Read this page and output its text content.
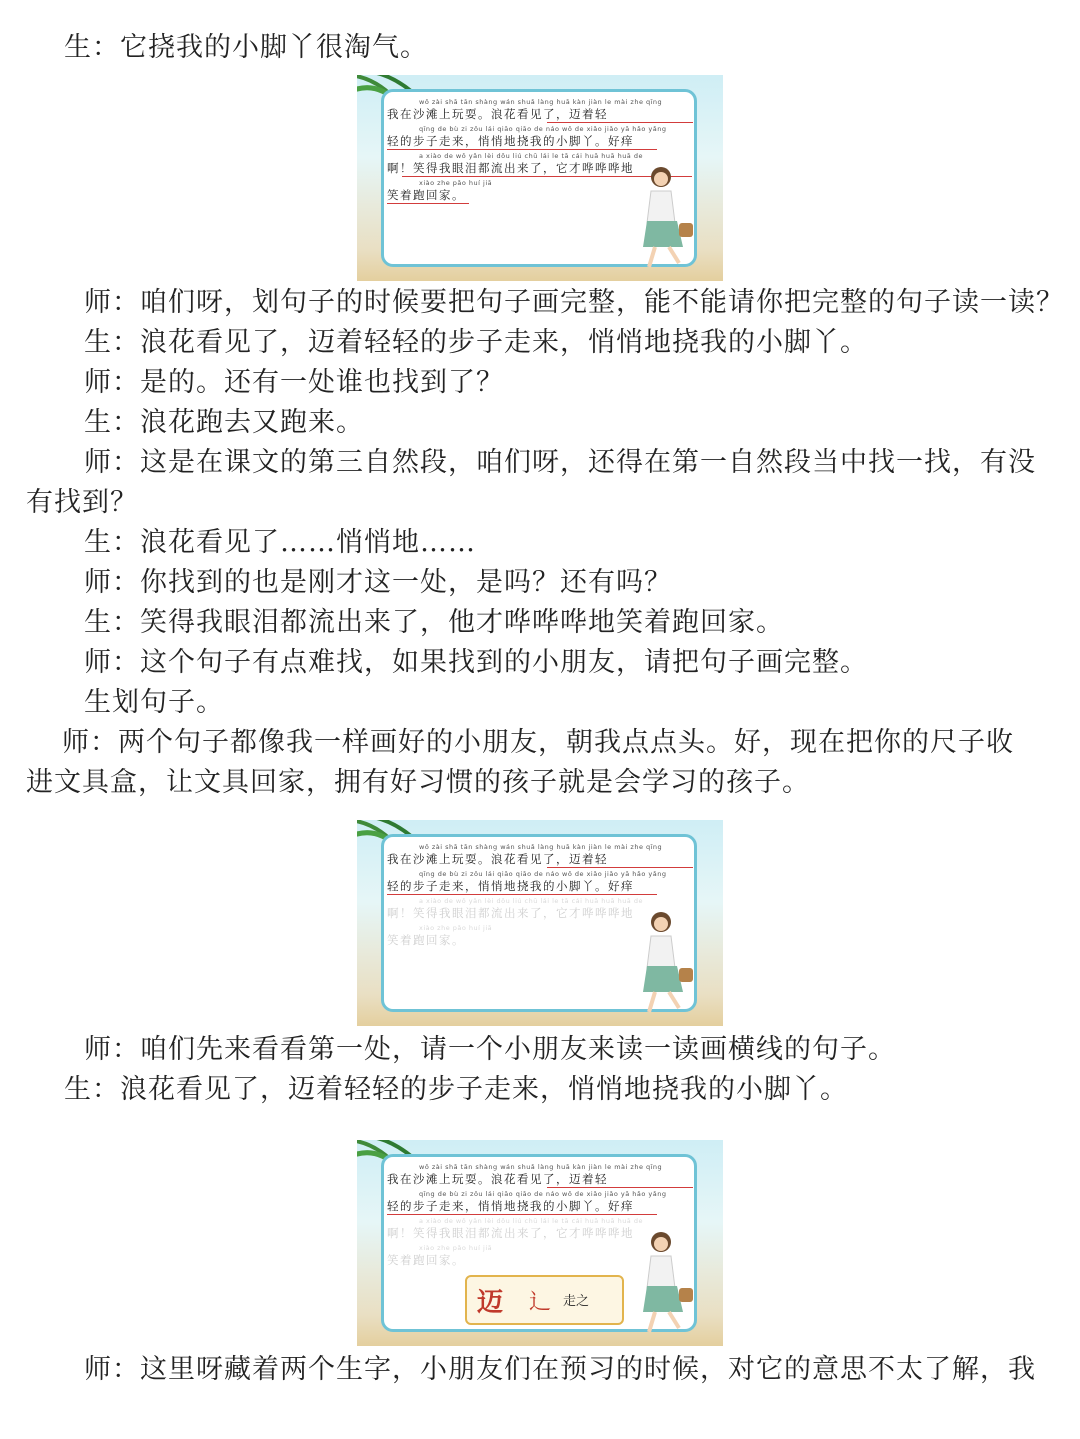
生：它挠我的小脚丫很淘气。
wǒ zài shā tān shàng wán shuǎ làng huā kàn jiàn le mài zhe qīng
我在沙滩上玩耍。浪花看见了，迈着轻
qīng de bù zi zǒu lái qiāo qiāo de náo wǒ de xiǎo jiǎo yā hǎo yǎng
轻的步子走来，悄悄地挠我的小脚丫。好痒
a xiào de wǒ yǎn lèi dōu liú chū lái le tā cái huā huā huā de
啊！笑得我眼泪都流出来了，它才哗哗哗地
xiào zhe pǎo huí jiā
笑着跑回家。
师：咱们呀，划句子的时候要把句子画完整，能不能请你把完整的句子读一读？
生：浪花看见了，迈着轻轻的步子走来，悄悄地挠我的小脚丫。
师：是的。还有一处谁也找到了？
生：浪花跑去又跑来。
师：这是在课文的第三自然段，咱们呀，还得在第一自然段当中找一找，有没
有找到？
生：浪花看见了……悄悄地……
师：你找到的也是刚才这一处，是吗？还有吗？
生：笑得我眼泪都流出来了，他才哗哗哗地笑着跑回家。
师：这个句子有点难找，如果找到的小朋友，请把句子画完整。
生划句子。
师：两个句子都像我一样画好的小朋友，朝我点点头。好，现在把你的尺子收
进文具盒，让文具回家，拥有好习惯的孩子就是会学习的孩子。
wǒ zài shā tān shàng wán shuǎ làng huā kàn jiàn le mài zhe qīng
我在沙滩上玩耍。浪花看见了，迈着轻
qīng de bù zi zǒu lái qiāo qiāo de náo wǒ de xiǎo jiǎo yā hǎo yǎng
轻的步子走来，悄悄地挠我的小脚丫。好痒
a xiào de wǒ yǎn lèi dōu liú chū lái le tā cái huā huā huā de
啊！笑得我眼泪都流出来了，它才哗哗哗地
xiào zhe pǎo huí jiā
笑着跑回家。
师：咱们先来看看第一处，请一个小朋友来读一读画横线的句子。
生：浪花看见了，迈着轻轻的步子走来，悄悄地挠我的小脚丫。
wǒ zài shā tān shàng wán shuǎ làng huā kàn jiàn le mài zhe qīng
我在沙滩上玩耍。浪花看见了，迈着轻
qīng de bù zi zǒu lái qiāo qiāo de náo wǒ de xiǎo jiǎo yā hǎo yǎng
轻的步子走来，悄悄地挠我的小脚丫。好痒
a xiào de wǒ yǎn lèi dōu liú chū lái le tā cái huā huā huā de
啊！笑得我眼泪都流出来了，它才哗哗哗地
xiào zhe pǎo huí jiā
笑着跑回家。
迈 辶 走之
师：这里呀藏着两个生字，小朋友们在预习的时候，对它的意思不太了解，我
